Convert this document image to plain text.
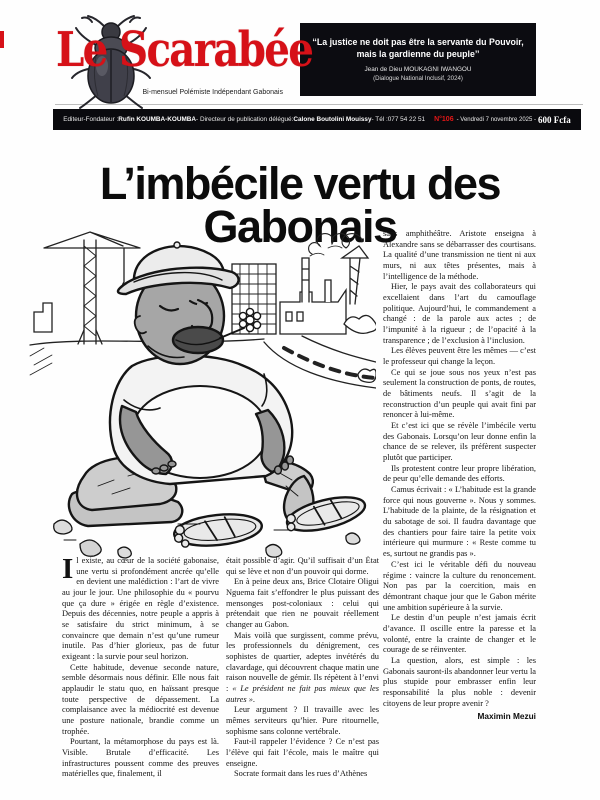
Le Scarabée
Bi-mensuel Polémiste Indépendant Gabonais
‘‘La justice ne doit pas être la servante du Pouvoir,
mais la gardienne du peuple’’
Jean de Dieu MOUKAGNI IWANGOU
(Dialogue National Inclusif, 2024)
Editeur-Fondateur : Rufin KOUMBA-KOUMBA - Directeur de publication délégué: Calone Boutolini Mouissy - Tél : 077 54 22 51 N°106 - Vendredi 7 novembre 2025 - 600 Fcfa
L’imbécile vertu des Gabonais

Il existe, au cœur de la société gabonaise, une vertu si profondément ancrée qu’elle en devient une malédiction : l’art de vivre au jour le jour. Une philosophie du « pourvu que ça dure » érigée en règle d’existence. Depuis des décennies, notre peuple a appris à se satisfaire du strict minimum, à se convaincre que demain n’est qu’une rumeur inutile. Pas d’hier glorieux, pas de futur exigeant : la survie pour seul horizon.

Cette habitude, devenue seconde nature, semble désormais nous définir. Elle nous fait applaudir le statu quo, en haïssant presque toute perspective de dépassement. La complaisance avec la médiocrité est devenue une posture nationale, brandie comme un trophée.

Pourtant, la métamorphose du pays est là. Visible. Brutale d’efficacité. Les infrastructures poussent comme des preuves matérielles que, finalement, il

était possible d’agir. Qu’il suffisait d’un État qui se lève et non d’un pouvoir qui dorme.

En à peine deux ans, Brice Clotaire Oligui Nguema fait s’effondrer le plus puissant des mensonges post-coloniaux : celui qui prétendait que rien ne pouvait réellement changer au Gabon.

Mais voilà que surgissent, comme prévu, les professionnels du dénigrement, ces sophistes de quartier, adeptes invétérés du clavardage, qui découvrent chaque matin une raison nouvelle de gémir. Ils répètent à l’envi : « Le président ne fait pas mieux que les autres ».

Leur argument ? Il travaille avec les mêmes serviteurs qu’hier. Pure ritournelle, sophisme sans colonne vertébrale.

Faut-il rappeler l’évidence ? Ce n’est pas l’élève qui fait l’école, mais le maître qui enseigne.

Socrate formait dans les rues d’Athènes

sans amphithéâtre. Aristote enseigna à Alexandre sans se débarrasser des courtisans. La qualité d’une transmission ne tient ni aux murs, ni aux têtes présentes, mais à l’intelligence de la méthode.

Hier, le pays avait des collaborateurs qui excellaient dans l’art du camouflage politique. Aujourd’hui, le commandement a changé : de la parole aux actes ; de l’impunité à la rigueur ; de l’opacité à la transparence ; de l’exclusion à l’inclusion.

Les élèves peuvent être les mêmes — c’est le professeur qui change la leçon.

Ce qui se joue sous nos yeux n’est pas seulement la construction de ponts, de routes, de bâtiments neufs. Il s’agit de la reconstruction d’un peuple qui avait fini par renoncer à lui-même.

Et c’est ici que se révèle l’imbécile vertu des Gabonais. Lorsqu’on leur donne enfin la chance de se relever, ils préfèrent suspecter plutôt que participer.

Ils protestent contre leur propre libération, de peur qu’elle demande des efforts.

Camus écrivait : « L’habitude est la grande force qui nous gouverne ». Nous y sommes. L’habitude de la plainte, de la résignation et du sabotage de soi. Il faudra davantage que des chantiers pour faire taire la petite voix intérieure qui murmure : « Reste comme tu es, surtout ne grandis pas ».

C’est ici le véritable défi du nouveau régime : vaincre la culture du renoncement. Non pas par la coercition, mais en démontrant chaque jour que le Gabon mérite une ambition supérieure à la survie.

Le destin d’un peuple n’est jamais écrit d’avance. Il oscille entre la paresse et la volonté, entre la crainte de changer et le courage de se réinventer.

La question, alors, est simple : les Gabonais sauront-ils abandonner leur vertu la plus stupide pour embrasser enfin leur responsabilité la plus noble : devenir citoyens de leur propre avenir ?

Maximin Mezui
